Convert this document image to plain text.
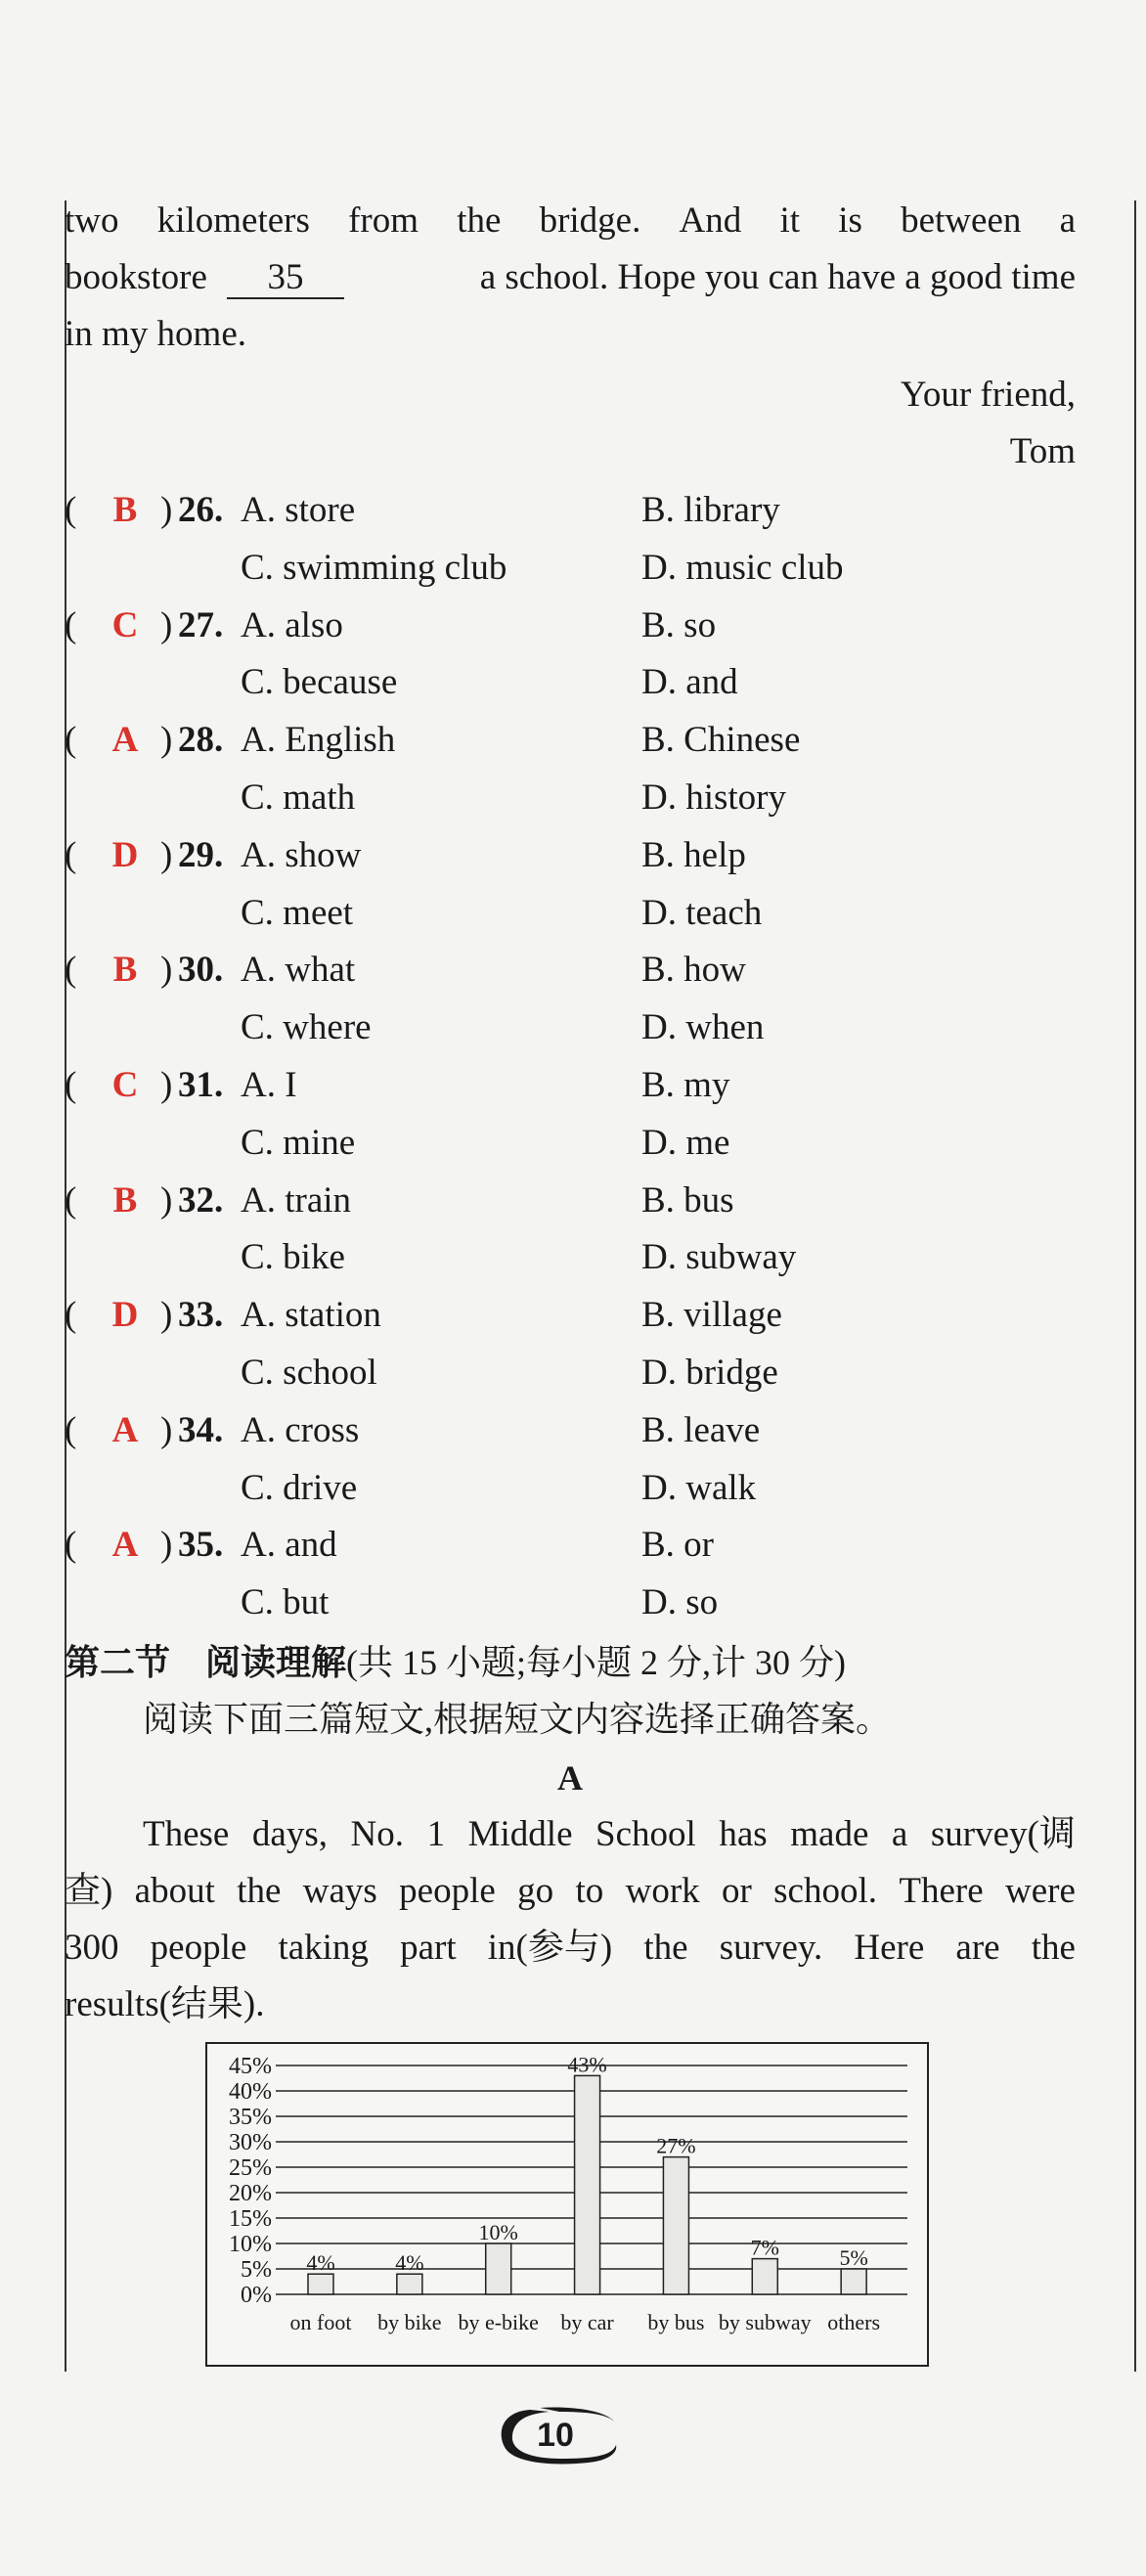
two kilometers from the bridge. And it is between a
bookstore 35	a school. Hope you can have a good time
in my home.
Your friend,
Tom
( B ) 26. A. store	B. library
C. swimming club	D. music club
( C ) 27. A. also	B. so
C. because	D. and
( A ) 28. A. English	B. Chinese
C. math	D. history
( D ) 29. A. show	B. help
C. meet	D. teach
( B ) 30. A. what	B. how
C. where	D. when
( C ) 31. A. I	B. my
C. mine	D. me
( B ) 32. A. train	B. bus
C. bike	D. subway
( D ) 33. A. station	B. village
C. school	D. bridge
( A ) 34. A. cross	B. leave
C. drive	D. walk
( A ) 35. A. and	B. or
C. but	D. so
第二节　阅读理解(共 15 小题;每小题 2 分,计 30 分)
阅读下面三篇短文,根据短文内容选择正确答案。
A
These days, No. 1 Middle School has made a survey(调
查) about the ways people go to work or school. There were
300 people taking part in(参与) the survey. Here are the
results(结果).
0%
5%
10%
15%
20%
25%
30%
35%
40%
45%
4%
on foot
4%
by bike
10%
by e-bike
43%
by car
27%
by bus
7%
by subway
5%
others
10
